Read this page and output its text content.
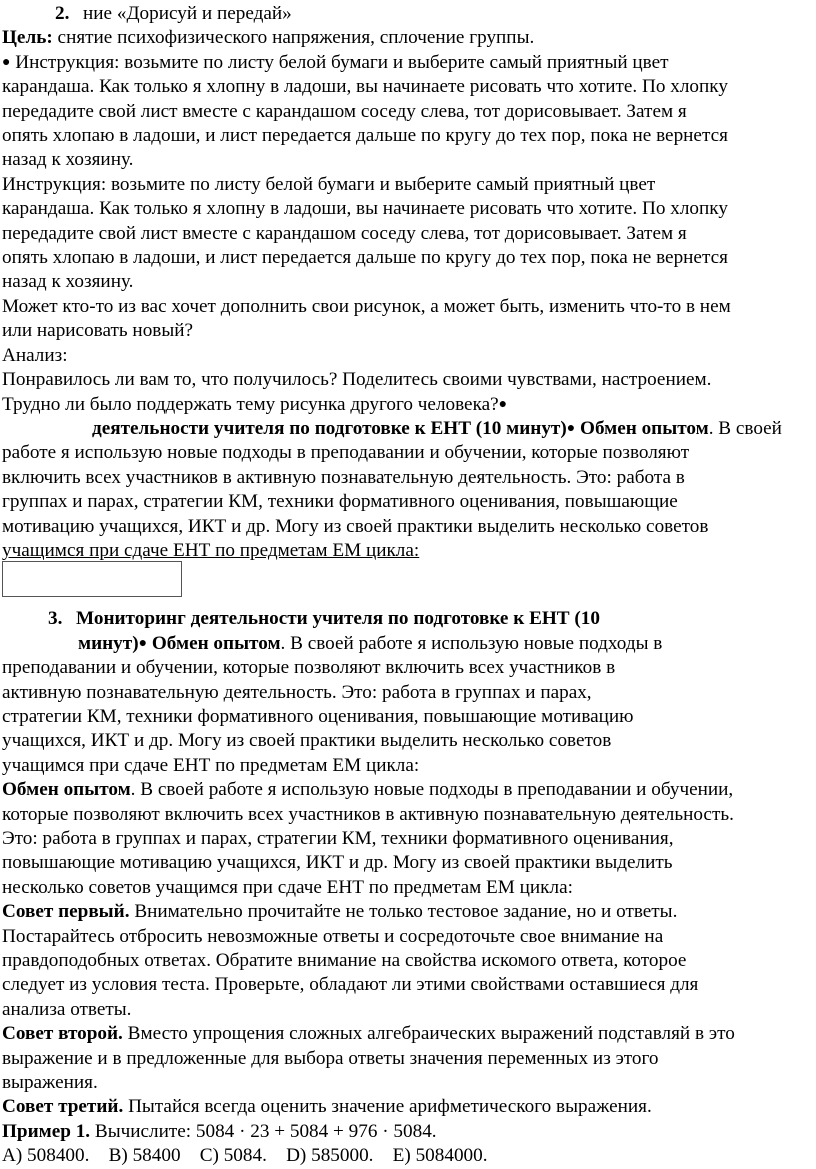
2. ние «Дорисуй и передай»

Цель: снятие психофизического напряжения, сплочение группы.

● Инструкция: возьмите по листу белой бумаги и выберите самый приятный цвет

карандаша. Как только я хлопну в ладоши, вы начинаете рисовать что хотите. По хлопку

передадите свой лист вместе с карандашом соседу слева, тот дорисовывает. Затем я

опять хлопаю в ладоши, и лист передается дальше по кругу до тех пор, пока не вернется

назад к хозяину.

Инструкция: возьмите по листу белой бумаги и выберите самый приятный цвет

карандаша. Как только я хлопну в ладоши, вы начинаете рисовать что хотите. По хлопку

передадите свой лист вместе с карандашом соседу слева, тот дорисовывает. Затем я

опять хлопаю в ладоши, и лист передается дальше по кругу до тех пор, пока не вернется

назад к хозяину.

Может кто-то из вас хочет дополнить свои рисунок, а может быть, изменить что-то в нем

или нарисовать новый?

Анализ:

Понравилось ли вам то, что получилось? Поделитесь своими чувствами, настроением.

Трудно ли было поддержать тему рисунка другого человека?●

деятельности учителя по подготовке к ЕНТ (10 минут)● Обмен опытом. В своей

работе я использую новые подходы в преподавании и обучении, которые позволяют

включить всех участников в активную познавательную деятельность. Это: работа в

группах и парах, стратегии КМ, техники формативного оценивания, повышающие

мотивацию учащихся, ИКТ и др. Могу из своей практики выделить несколько советов

учащимся при сдаче ЕНТ по предметам ЕМ цикла:

3. Мониторинг деятельности учителя по подготовке к ЕНТ (10

минут)● Обмен опытом. В своей работе я использую новые подходы в

преподавании и обучении, которые позволяют включить всех участников в

активную познавательную деятельность. Это: работа в группах и парах,

стратегии КМ, техники формативного оценивания, повышающие мотивацию

учащихся, ИКТ и др. Могу из своей практики выделить несколько советов

учащимся при сдаче ЕНТ по предметам ЕМ цикла:

Обмен опытом. В своей работе я использую новые подходы в преподавании и обучении,

которые позволяют включить всех участников в активную познавательную деятельность.

Это: работа в группах и парах, стратегии КМ, техники формативного оценивания,

повышающие мотивацию учащихся, ИКТ и др. Могу из своей практики выделить

несколько советов учащимся при сдаче ЕНТ по предметам ЕМ цикла:

Совет первый. Внимательно прочитайте не только тестовое задание, но и ответы.

Постарайтесь отбросить невозможные ответы и сосредоточьте свое внимание на

правдоподобных ответах. Обратите внимание на свойства искомого ответа, которое

следует из условия теста. Проверьте, обладают ли этими свойствами оставшиеся для

анализа ответы.

Совет второй. Вместо упрощения сложных алгебраических выражений подставляй в это

выражение и в предложенные для выбора ответы значения переменных из этого

выражения.

Совет третий. Пытайся всегда оценить значение арифметического выражения.

Пример 1. Вычислите: 5084 · 23 + 5084 + 976 · 5084.

А) 508400.    В) 58400    С) 5084.    D) 585000.    Е) 5084000.
